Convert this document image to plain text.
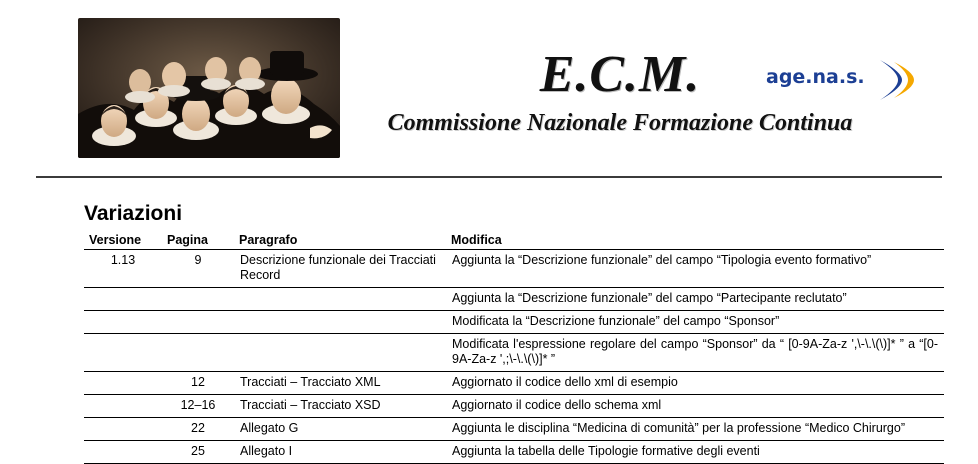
E.C.M.
Commissione Nazionale Formazione Continua
age.na.s.
Variazioni
Versione	Pagina	Paragrafo	Modifica
1.13	9	Descrizione funzionale dei Tracciati Record	Aggiunta la “Descrizione funzionale” del campo “Tipologia evento formativo”
			Aggiunta la “Descrizione funzionale” del campo “Partecipante reclutato”
			Modificata la “Descrizione funzionale” del campo “Sponsor”
			Modificata l'espressione regolare del campo “Sponsor” da “ [0-9A-Za-z ',\-\.\(\)]* ” a “[0-9A-Za-z ',;\-\.\(\)]* ”
	12	Tracciati – Tracciato XML	Aggiornato il codice dello xml di esempio
	12–16	Tracciati – Tracciato XSD	Aggiornato il codice dello schema xml
	22	Allegato G	Aggiunta le disciplina “Medicina di comunità” per la professione “Medico Chirurgo”
	25	Allegato I	Aggiunta la tabella delle Tipologie formative degli eventi
